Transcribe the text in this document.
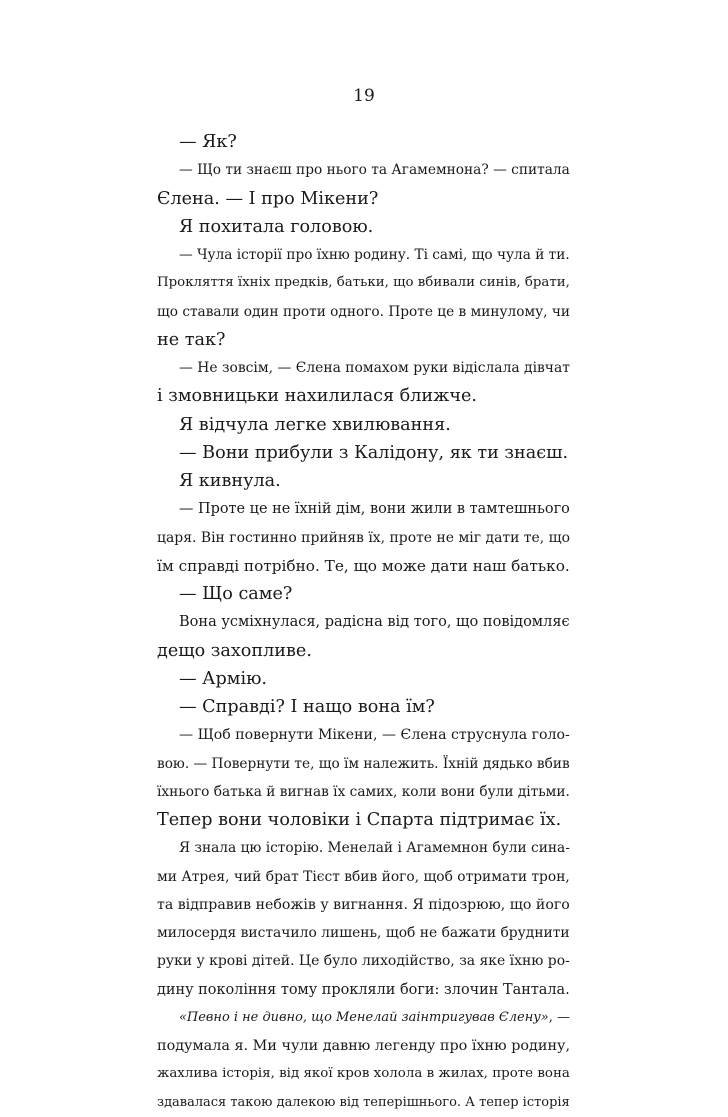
19
— Як?
— Що ти знаєш про нього та Агамемнона? — спитала
Єлена. — І про Мікени?
Я похитала головою.
— Чула історії про їхню родину. Ті самі, що чула й ти.
Прокляття їхніх предків, батьки, що вбивали синів, брати,
що ставали один проти одного. Проте це в минулому, чи
не так?
— Не зовсім, — Єлена помахом руки відіслала дівчат
і змовницьки нахилилася ближче.
Я відчула легке хвилювання.
— Вони прибули з Калідону, як ти знаєш.
Я кивнула.
— Проте це не їхній дім, вони жили в тамтешнього
царя. Він гостинно прийняв їх, проте не міг дати те, що
їм справді потрібно. Те, що може дати наш батько.
— Що саме?
Вона усміхнулася, радісна від того, що повідомляє
дещо захопливе.
— Армію.
— Справді? І нащо вона їм?
— Щоб повернути Мікени, — Єлена струснула голо-
вою. — Повернути те, що їм належить. Їхній дядько вбив
їхнього батька й вигнав їх самих, коли вони були дітьми.
Тепер вони чоловіки і Спарта підтримає їх.
Я знала цю історію. Менелай і Агамемнон були сина-
ми Атрея, чий брат Тієст вбив його, щоб отримати трон,
та відправив небожів у вигнання. Я підозрюю, що його
милосердя вистачило лишень, щоб не бажати бруднити
руки у крові дітей. Це було лиходійство, за яке їхню ро-
дину покоління тому прокляли боги: злочин Тантала.
«Певно і не дивно, що Менелай заінтригував Єлену», —
подумала я. Ми чули давню легенду про їхню родину,
жахлива історія, від якої кров холола в жилах, проте вона
здавалася такою далекою від теперішнього. А тепер історія
